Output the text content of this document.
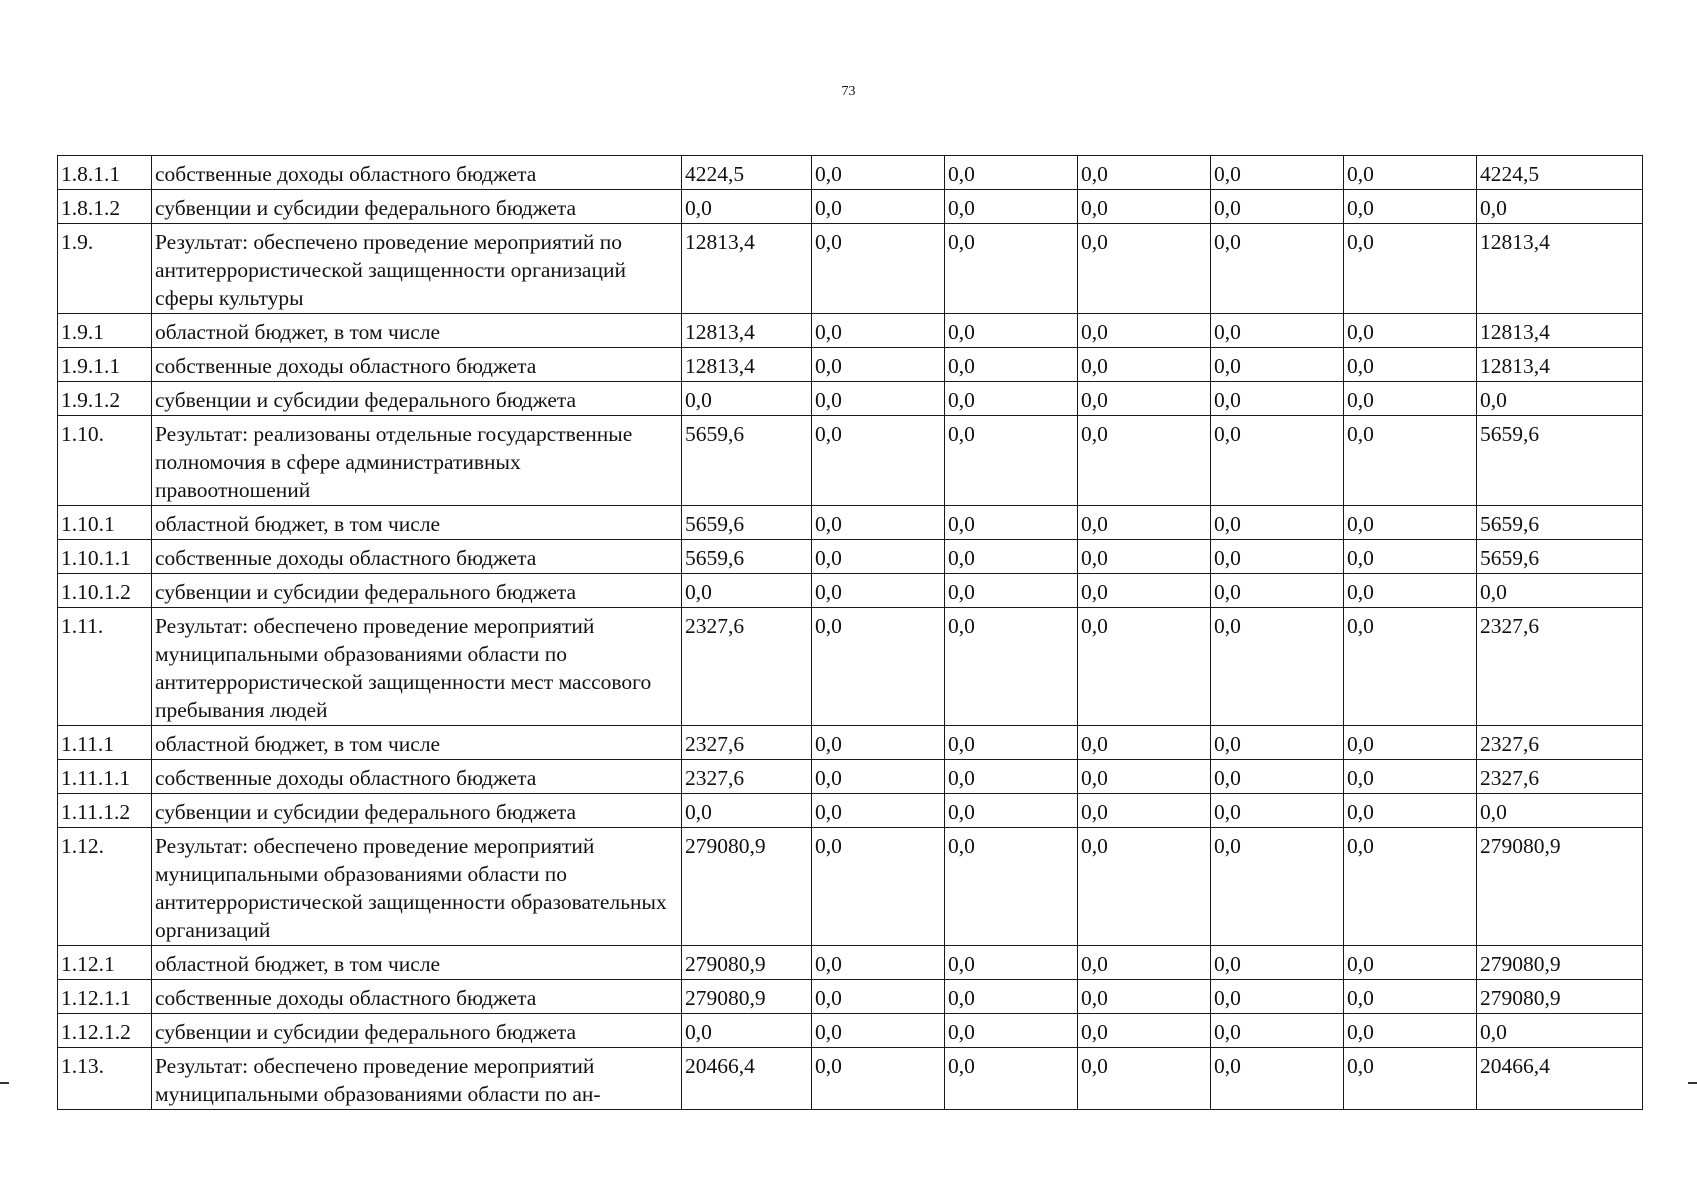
73
1.8.1.1	собственные доходы областного бюджета	4224,5	0,0	0,0	0,0	0,0	0,0	4224,5
1.8.1.2	субвенции и субсидии федерального бюджета	0,0	0,0	0,0	0,0	0,0	0,0	0,0
1.9.	Результат: обеспечено проведение мероприятий по антитеррористической защищенности организаций сферы культуры	12813,4	0,0	0,0	0,0	0,0	0,0	12813,4
1.9.1	областной бюджет, в том числе	12813,4	0,0	0,0	0,0	0,0	0,0	12813,4
1.9.1.1	собственные доходы областного бюджета	12813,4	0,0	0,0	0,0	0,0	0,0	12813,4
1.9.1.2	субвенции и субсидии федерального бюджета	0,0	0,0	0,0	0,0	0,0	0,0	0,0
1.10.	Результат: реализованы отдельные государственные полномочия в сфере административных правоотношений	5659,6	0,0	0,0	0,0	0,0	0,0	5659,6
1.10.1	областной бюджет, в том числе	5659,6	0,0	0,0	0,0	0,0	0,0	5659,6
1.10.1.1	собственные доходы областного бюджета	5659,6	0,0	0,0	0,0	0,0	0,0	5659,6
1.10.1.2	субвенции и субсидии федерального бюджета	0,0	0,0	0,0	0,0	0,0	0,0	0,0
1.11.	Результат: обеспечено проведение мероприятий муниципальными образованиями области по антитеррористической защищенности мест массового пребывания людей	2327,6	0,0	0,0	0,0	0,0	0,0	2327,6
1.11.1	областной бюджет, в том числе	2327,6	0,0	0,0	0,0	0,0	0,0	2327,6
1.11.1.1	собственные доходы областного бюджета	2327,6	0,0	0,0	0,0	0,0	0,0	2327,6
1.11.1.2	субвенции и субсидии федерального бюджета	0,0	0,0	0,0	0,0	0,0	0,0	0,0
1.12.	Результат: обеспечено проведение мероприятий муниципальными образованиями области по антитеррористической защищенности образовательных организаций	279080,9	0,0	0,0	0,0	0,0	0,0	279080,9
1.12.1	областной бюджет, в том числе	279080,9	0,0	0,0	0,0	0,0	0,0	279080,9
1.12.1.1	собственные доходы областного бюджета	279080,9	0,0	0,0	0,0	0,0	0,0	279080,9
1.12.1.2	субвенции и субсидии федерального бюджета	0,0	0,0	0,0	0,0	0,0	0,0	0,0
1.13.	Результат: обеспечено проведение мероприятий муниципальными образованиями области по ан-	20466,4	0,0	0,0	0,0	0,0	0,0	20466,4
